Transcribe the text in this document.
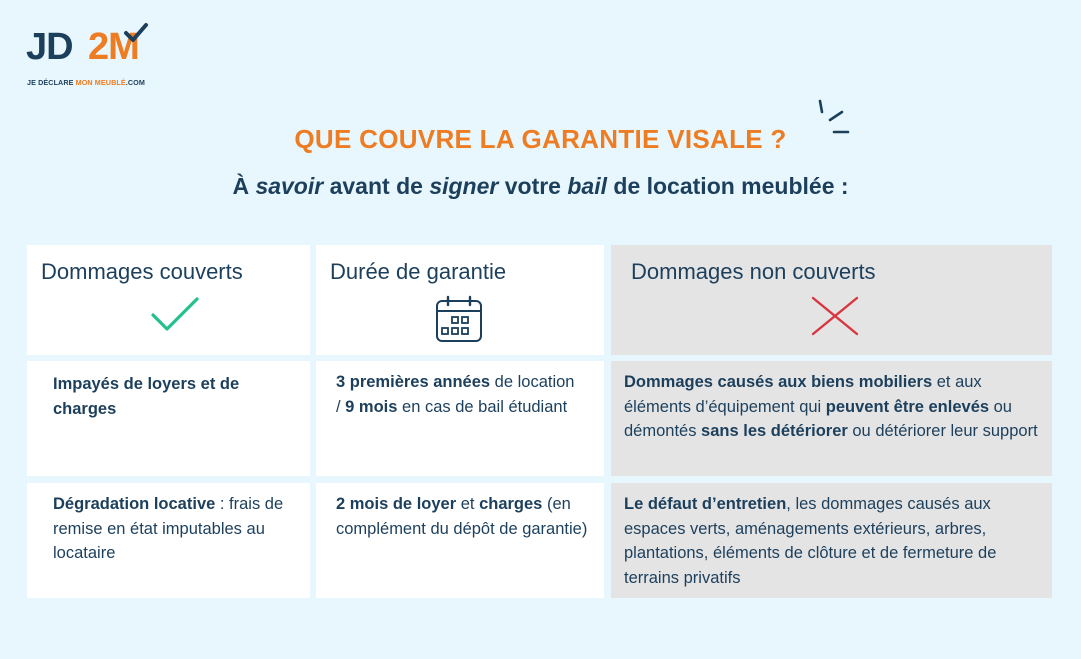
JD 2M
JE DÉCLARE MON MEUBLÉ.COM
QUE COUVRE LA GARANTIE VISALE ?
À savoir avant de signer votre bail de location meublée :
Dommages couverts	Durée de garantie	Dommages non couverts
Impayés de loyers et de charges
3 premières années de location / 9 mois en cas de bail étudiant
Dommages causés aux biens mobiliers et aux éléments d’équipement qui peuvent être enlevés ou démontés sans les détériorer ou détériorer leur support
Dégradation locative : frais de remise en état imputables au locataire
2 mois de loyer et charges (en complément du dépôt de garantie)
Le défaut d’entretien, les dommages causés aux espaces verts, aménagements extérieurs, arbres, plantations, éléments de clôture et de fermeture de terrains privatifs
